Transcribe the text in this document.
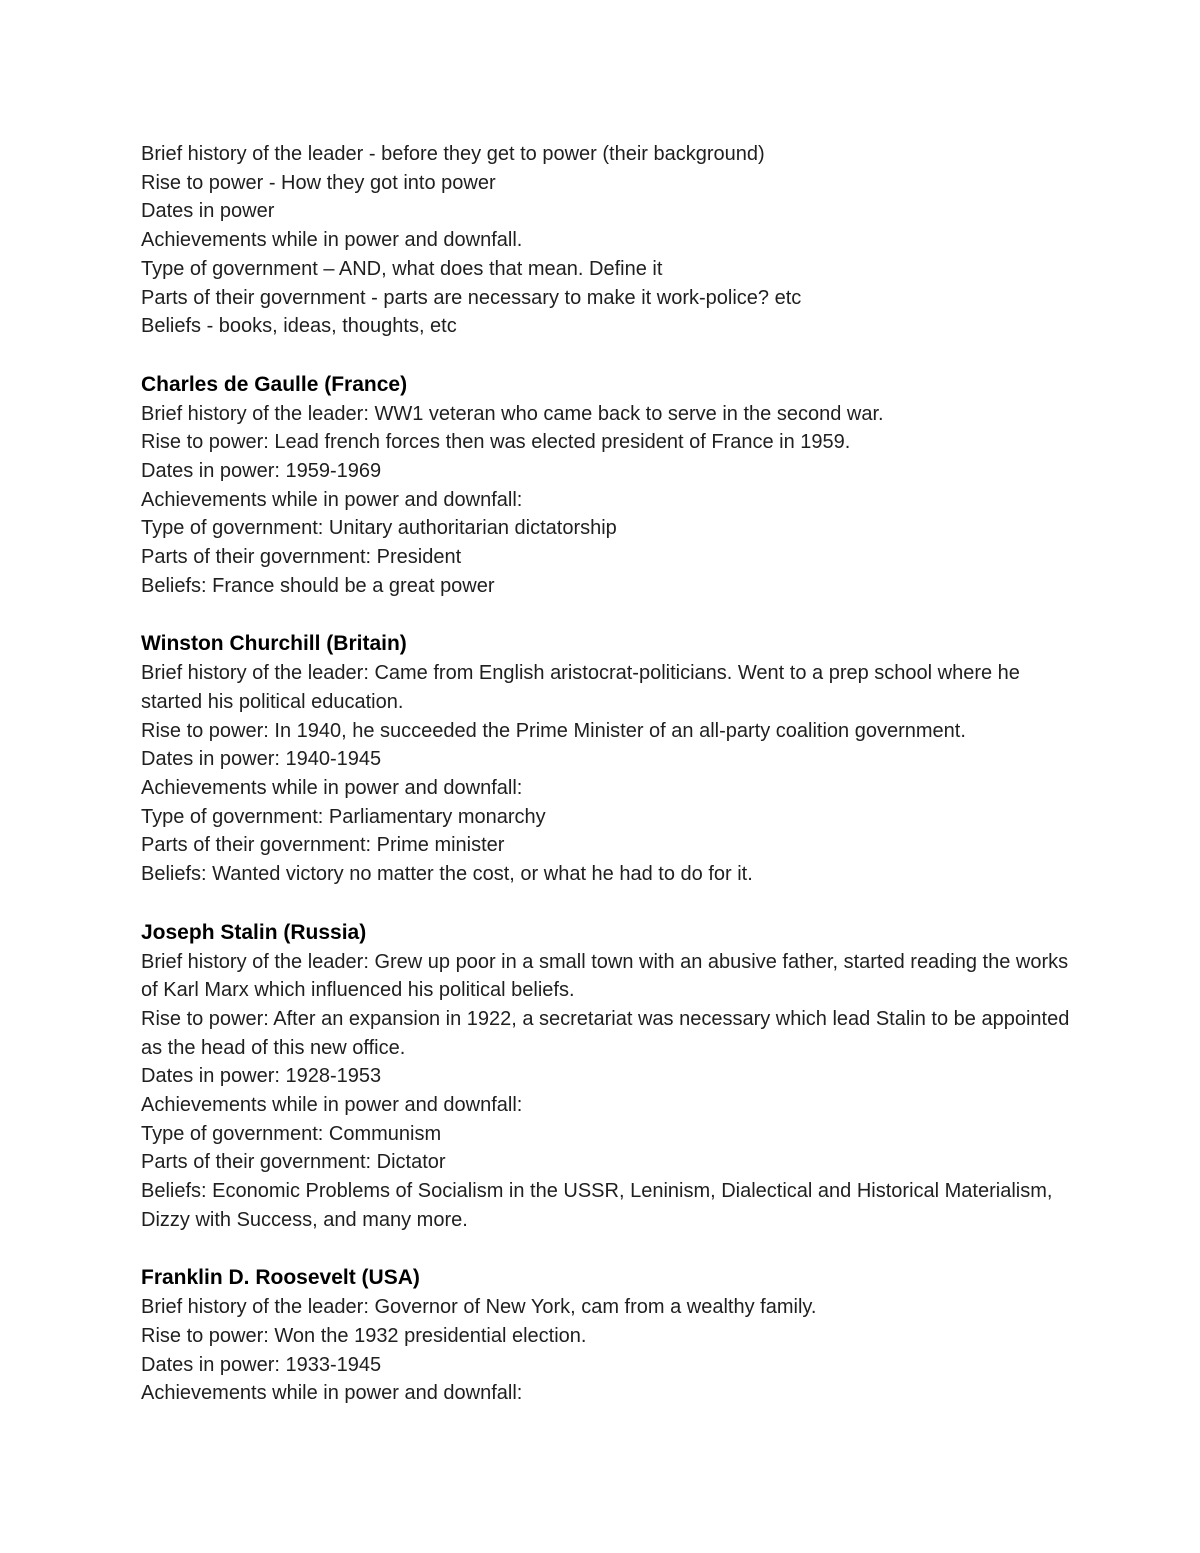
Brief history of the leader - before they get to power (their background)

Rise to power - How they got into power

Dates in power

Achievements while in power and downfall.

Type of government – AND, what does that mean. Define it

Parts of their government - parts are necessary to make it work-police? etc

Beliefs - books, ideas, thoughts, etc

Charles de Gaulle (France)

Brief history of the leader: WW1 veteran who came back to serve in the second war.

Rise to power: Lead french forces then was elected president of France in 1959.

Dates in power: 1959-1969

Achievements while in power and downfall:

Type of government: Unitary authoritarian dictatorship

Parts of their government: President

Beliefs: France should be a great power

Winston Churchill (Britain)

Brief history of the leader: Came from English aristocrat-politicians. Went to a prep school where he started his political education.

Rise to power: In 1940, he succeeded the Prime Minister of an all-party coalition government.

Dates in power: 1940-1945

Achievements while in power and downfall:

Type of government: Parliamentary monarchy

Parts of their government: Prime minister

Beliefs: Wanted victory no matter the cost, or what he had to do for it.

Joseph Stalin (Russia)

Brief history of the leader: Grew up poor in a small town with an abusive father, started reading the works of Karl Marx which influenced his political beliefs.

Rise to power: After an expansion in 1922, a secretariat was necessary which lead Stalin to be appointed as the head of this new office.

Dates in power: 1928-1953

Achievements while in power and downfall:

Type of government: Communism

Parts of their government: Dictator

Beliefs: Economic Problems of Socialism in the USSR, Leninism, Dialectical and Historical Materialism, Dizzy with Success, and many more.

Franklin D. Roosevelt (USA)

Brief history of the leader: Governor of New York, cam from a wealthy family.

Rise to power: Won the 1932 presidential election.

Dates in power: 1933-1945

Achievements while in power and downfall:
